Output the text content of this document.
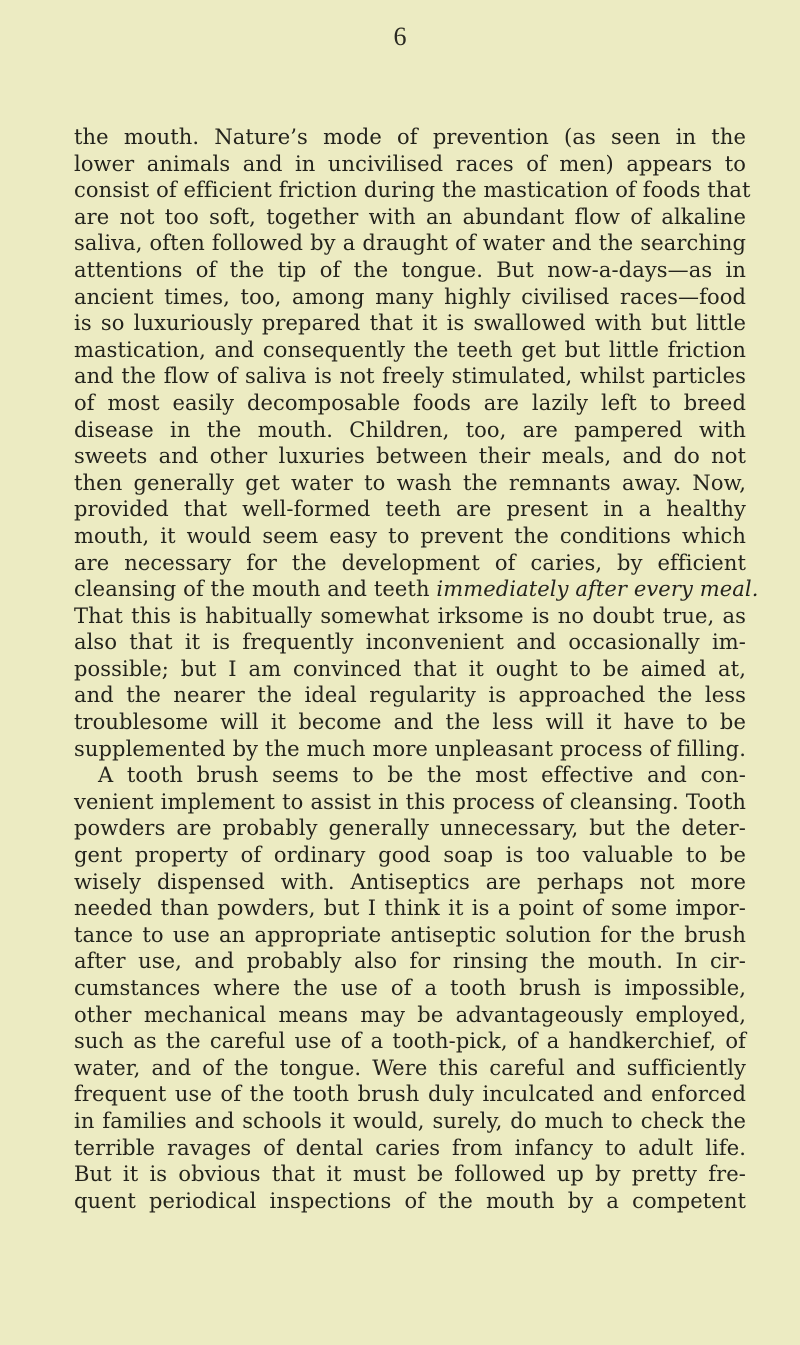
6
the mouth. Nature’s mode of prevention (as seen in the
lower animals and in uncivilised races of men) appears to
consist of efficient friction during the mastication of foods that
are not too soft, together with an abundant flow of alkaline
saliva, often followed by a draught of water and the searching
attentions of the tip of the tongue. But now-a-days—as in
ancient times, too, among many highly civilised races—food
is so luxuriously prepared that it is swallowed with but little
mastication, and consequently the teeth get but little friction
and the flow of saliva is not freely stimulated, whilst particles
of most easily decomposable foods are lazily left to breed
disease in the mouth. Children, too, are pampered with
sweets and other luxuries between their meals, and do not
then generally get water to wash the remnants away. Now,
provided that well-formed teeth are present in a healthy
mouth, it would seem easy to prevent the conditions which
are necessary for the development of caries, by efficient
cleansing of the mouth and teeth immediately after every meal.
That this is habitually somewhat irksome is no doubt true, as
also that it is frequently inconvenient and occasionally im-
possible; but I am convinced that it ought to be aimed at,
and the nearer the ideal regularity is approached the less
troublesome will it become and the less will it have to be
supplemented by the much more unpleasant process of filling.
A tooth brush seems to be the most effective and con-
venient implement to assist in this process of cleansing. Tooth
powders are probably generally unnecessary, but the deter-
gent property of ordinary good soap is too valuable to be
wisely dispensed with. Antiseptics are perhaps not more
needed than powders, but I think it is a point of some impor-
tance to use an appropriate antiseptic solution for the brush
after use, and probably also for rinsing the mouth. In cir-
cumstances where the use of a tooth brush is impossible,
other mechanical means may be advantageously employed,
such as the careful use of a tooth-pick, of a handkerchief, of
water, and of the tongue. Were this careful and sufficiently
frequent use of the tooth brush duly inculcated and enforced
in families and schools it would, surely, do much to check the
terrible ravages of dental caries from infancy to adult life.
But it is obvious that it must be followed up by pretty fre-
quent periodical inspections of the mouth by a competent
